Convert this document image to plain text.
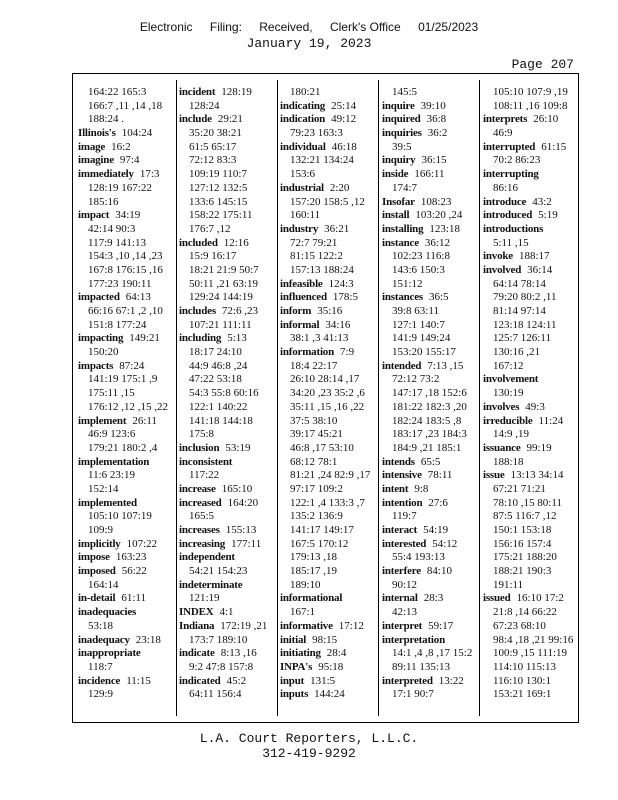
Electronic Filing: Received, Clerk's Office 01/25/2023
January 19, 2023
Page 207
164:22 165:3
166:7 ,11 ,14 ,18
188:24 .
Illinois's 104:24
image 16:2
imagine 97:4
immediately 17:3
128:19 167:22
185:16
impact 34:19
42:14 90:3
117:9 141:13
154:3 ,10 ,14 ,23
167:8 176:15 ,16
177:23 190:11
impacted 64:13
66:16 67:1 ,2 ,10
151:8 177:24
impacting 149:21
150:20
impacts 87:24
141:19 175:1 ,9
175:11 ,15
176:12 ,12 ,15 ,22
implement 26:11
46:9 123:6
179:21 180:2 ,4
implementation
11:6 23:19
152:14
implemented
105:10 107:19
109:9
implicitly 107:22
impose 163:23
imposed 56:22
164:14
in-detail 61:11
inadequacies
53:18
inadequacy 23:18
inappropriate
118:7
incidence 11:15
129:9
incident 128:19
128:24
include 29:21
35:20 38:21
61:5 65:17
72:12 83:3
109:19 110:7
127:12 132:5
133:6 145:15
158:22 175:11
176:7 ,12
included 12:16
15:9 16:17
18:21 21:9 50:7
50:11 ,21 63:19
129:24 144:19
includes 72:6 ,23
107:21 111:11
including 5:13
18:17 24:10
44:9 46:8 ,24
47:22 53:18
54:3 55:8 60:16
122:1 140:22
141:18 144:18
175:8
inclusion 53:19
inconsistent
117:22
increase 165:10
increased 164:20
165:5
increases 155:13
increasing 177:11
independent
54:21 154:23
indeterminate
121:19
INDEX 4:1
Indiana 172:19 ,21
173:7 189:10
indicate 8:13 ,16
9:2 47:8 157:8
indicated 45:2
64:11 156:4
180:21
indicating 25:14
indication 49:12
79:23 163:3
individual 46:18
132:21 134:24
153:6
industrial 2:20
157:20 158:5 ,12
160:11
industry 36:21
72:7 79:21
81:15 122:2
157:13 188:24
infeasible 124:3
influenced 178:5
inform 35:16
informal 34:16
38:1 ,3 41:13
information 7:9
18:4 22:17
26:10 28:14 ,17
34:20 ,23 35:2 ,6
35:11 ,15 ,16 ,22
37:5 38:10
39:17 45:21
46:8 ,17 53:10
68:12 78:1
81:21 ,24 82:9 ,17
97:17 109:2
122:1 ,4 133:3 ,7
135:2 136:9
141:17 149:17
167:5 170:12
179:13 ,18
185:17 ,19
189:10
informational
167:1
informative 17:12
initial 98:15
initiating 28:4
INPA's 95:18
input 131:5
inputs 144:24
145:5
inquire 39:10
inquired 36:8
inquiries 36:2
39:5
inquiry 36:15
inside 166:11
174:7
Insofar 108:23
install 103:20 ,24
installing 123:18
instance 36:12
102:23 116:8
143:6 150:3
151:12
instances 36:5
39:8 63:11
127:1 140:7
141:9 149:24
153:20 155:17
intended 7:13 ,15
72:12 73:2
147:17 ,18 152:6
181:22 182:3 ,20
182:24 183:5 ,8
183:17 ,23 184:3
184:9 ,21 185:1
intends 65:5
intensive 78:11
intent 9:8
intention 27:6
119:7
interact 54:19
interested 54:12
55:4 193:13
interfere 84:10
90:12
internal 28:3
42:13
interpret 59:17
interpretation
14:1 ,4 ,8 ,17 15:2
89:11 135:13
interpreted 13:22
17:1 90:7
105:10 107:9 ,19
108:11 ,16 109:8
interprets 26:10
46:9
interrupted 61:15
70:2 86:23
interrupting
86:16
introduce 43:2
introduced 5:19
introductions
5:11 ,15
invoke 188:17
involved 36:14
64:14 78:14
79:20 80:2 ,11
81:14 97:14
123:18 124:11
125:7 126:11
130:16 ,21
167:12
involvement
130:19
involves 49:3
irreducible 11:24
14:9 ,19
issuance 99:19
188:18
issue 13:13 34:14
67:21 71:21
78:10 ,15 80:11
87:5 116:7 ,12
150:1 153:18
156:16 157:4
175:21 188:20
188:21 190:3
191:11
issued 16:10 17:2
21:8 ,14 66:22
67:23 68:10
98:4 ,18 ,21 99:16
100:9 ,15 111:19
114:10 115:13
116:10 130:1
153:21 169:1
L.A. Court Reporters, L.L.C.
312-419-9292
